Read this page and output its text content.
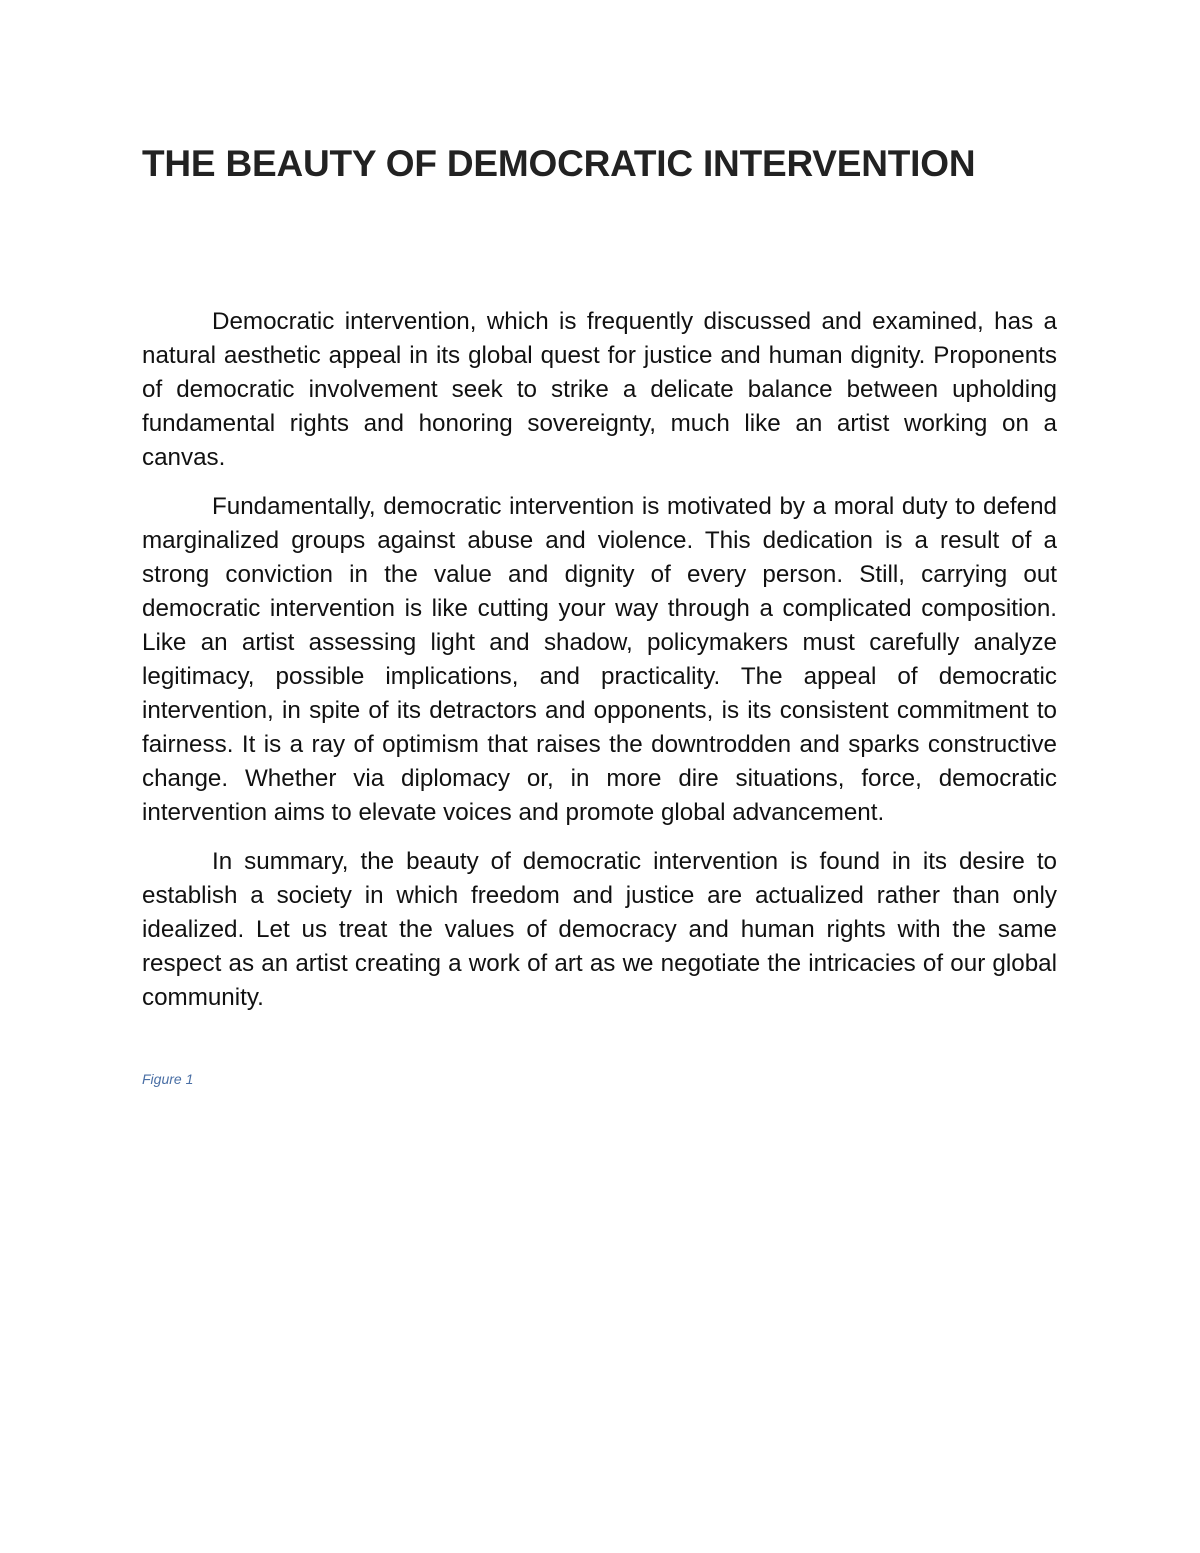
THE BEAUTY OF DEMOCRATIC INTERVENTION

Democratic intervention, which is frequently discussed and examined, has a natural aesthetic appeal in its global quest for justice and human dignity. Proponents of democratic involvement seek to strike a delicate balance between upholding fundamental rights and honoring sovereignty, much like an artist working on a canvas.

Fundamentally, democratic intervention is motivated by a moral duty to defend marginalized groups against abuse and violence. This dedication is a result of a strong conviction in the value and dignity of every person. Still, carrying out democratic intervention is like cutting your way through a complicated composition. Like an artist assessing light and shadow, policymakers must carefully analyze legitimacy, possible implications, and practicality. The appeal of democratic intervention, in spite of its detractors and opponents, is its consistent commitment to fairness. It is a ray of optimism that raises the downtrodden and sparks constructive change. Whether via diplomacy or, in more dire situations, force, democratic intervention aims to elevate voices and promote global advancement.

In summary, the beauty of democratic intervention is found in its desire to establish a society in which freedom and justice are actualized rather than only idealized. Let us treat the values of democracy and human rights with the same respect as an artist creating a work of art as we negotiate the intricacies of our global community.

Figure 1
